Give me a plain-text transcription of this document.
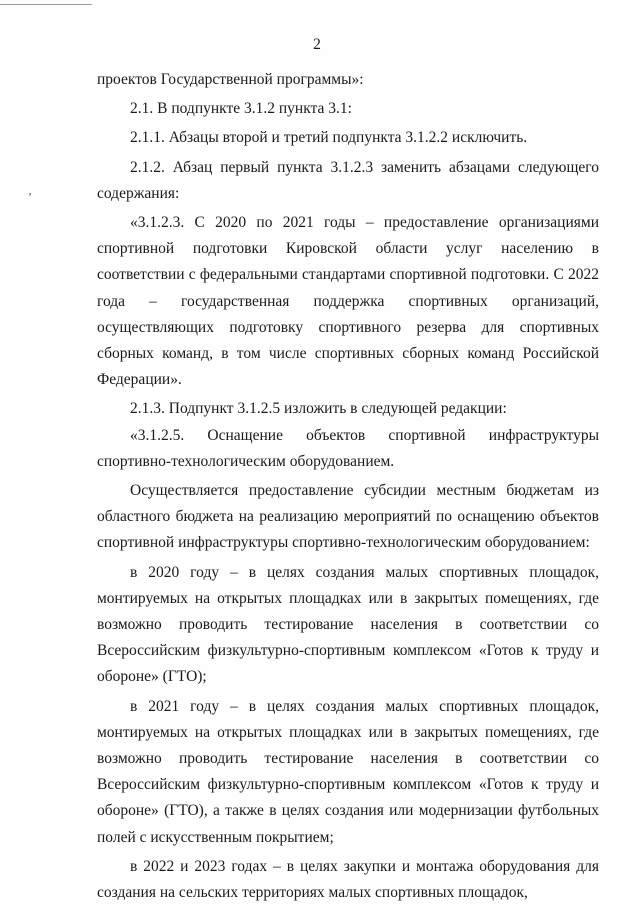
2
‚

проектов Государственной программы»:

2.1. В подпункте 3.1.2 пункта 3.1:

2.1.1. Абзацы второй и третий подпункта 3.1.2.2 исключить.

2.1.2. Абзац первый пункта 3.1.2.3 заменить абзацами следующего содержания:

«3.1.2.3. С 2020 по 2021 годы – предоставление организациями спортивной подготовки Кировской области услуг населению в соответствии с федеральными стандартами спортивной подготовки. С 2022 года – государственная поддержка спортивных организаций, осуществляющих подготовку спортивного резерва для спортивных сборных команд, в том числе спортивных сборных команд Российской Федерации».

2.1.3. Подпункт 3.1.2.5 изложить в следующей редакции:

«3.1.2.5. Оснащение объектов спортивной инфраструктуры спортивно-технологическим оборудованием.

Осуществляется предоставление субсидии местным бюджетам из областного бюджета на реализацию мероприятий по оснащению объектов спортивной инфраструктуры спортивно-технологическим оборудованием:

в 2020 году – в целях создания малых спортивных площадок, монтируемых на открытых площадках или в закрытых помещениях, где возможно проводить тестирование населения в соответствии со Всероссийским физкультурно-спортивным комплексом «Готов к труду и обороне» (ГТО);

в 2021 году – в целях создания малых спортивных площадок, монтируемых на открытых площадках или в закрытых помещениях, где возможно проводить тестирование населения в соответствии со Всероссийским физкультурно-спортивным комплексом «Готов к труду и обороне» (ГТО), а также в целях создания или модернизации футбольных полей с искусственным покрытием;

в 2022 и 2023 годах – в целях закупки и монтажа оборудования для создания на сельских территориях малых спортивных площадок,
